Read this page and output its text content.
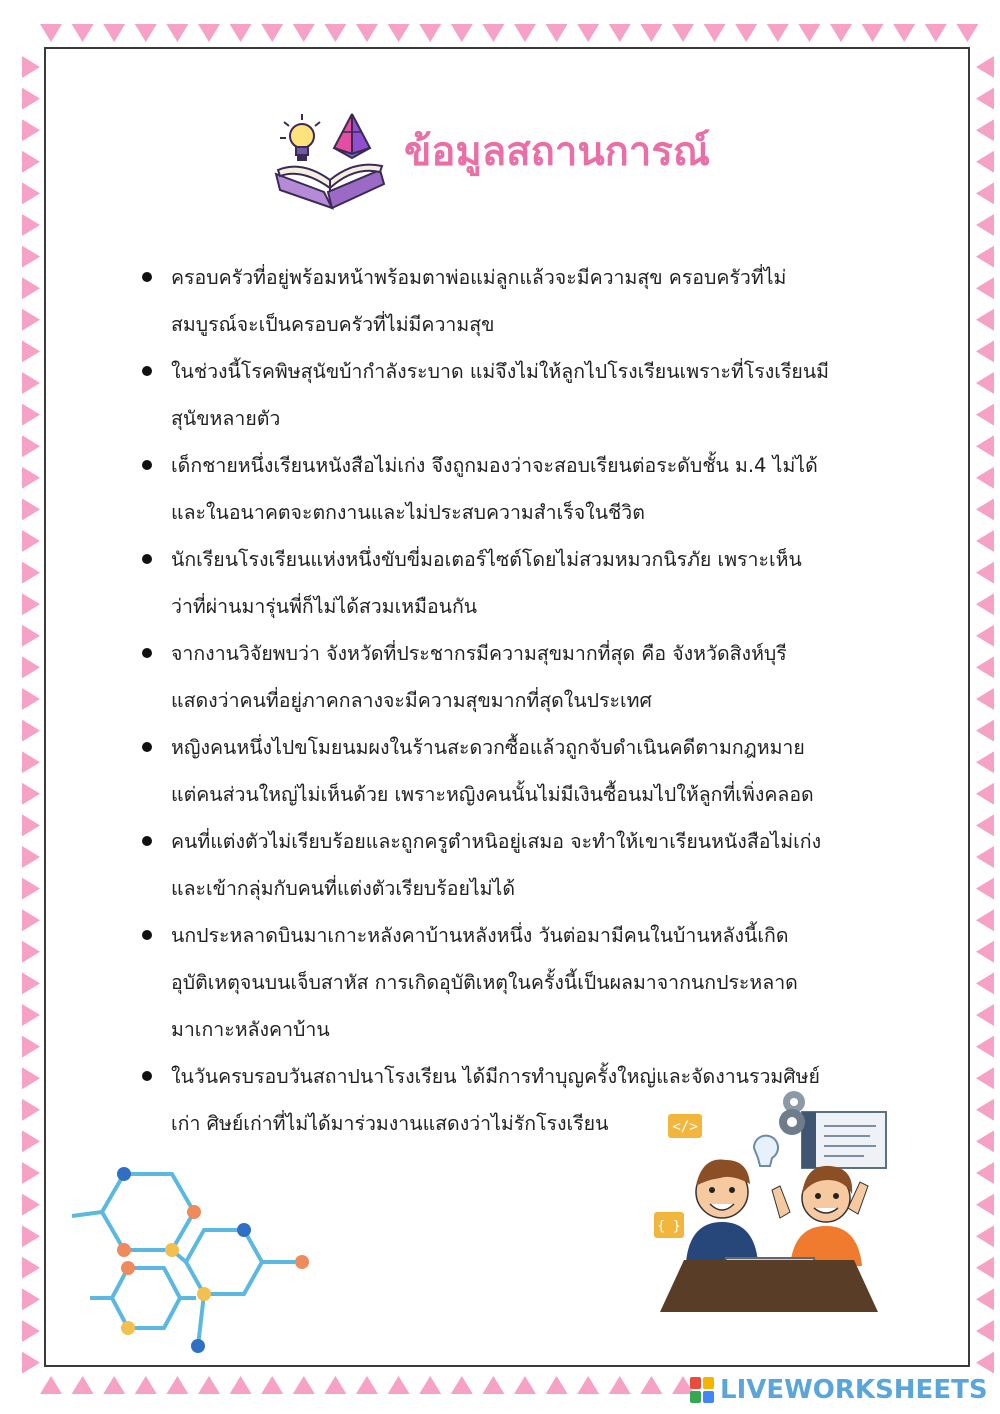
ข้อมูลสถานการณ์
ครอบครัวที่อยู่พร้อมหน้าพร้อมตาพ่อแม่ลูกแล้วจะมีความสุข ครอบครัวที่ไม่
สมบูรณ์จะเป็นครอบครัวที่ไม่มีความสุข
ในช่วงนี้โรคพิษสุนัขบ้ากำลังระบาด แม่จึงไม่ให้ลูกไปโรงเรียนเพราะที่โรงเรียนมี
สุนัขหลายตัว
เด็กชายหนึ่งเรียนหนังสือไม่เก่ง จึงถูกมองว่าจะสอบเรียนต่อระดับชั้น ม.4 ไม่ได้
และในอนาคตจะตกงานและไม่ประสบความสำเร็จในชีวิต
นักเรียนโรงเรียนแห่งหนึ่งขับขี่มอเตอร์ไซต์โดยไม่สวมหมวกนิรภัย เพราะเห็น
ว่าที่ผ่านมารุ่นพี่ก็ไม่ได้สวมเหมือนกัน
จากงานวิจัยพบว่า จังหวัดที่ประชากรมีความสุขมากที่สุด คือ จังหวัดสิงห์บุรี
แสดงว่าคนที่อยู่ภาคกลางจะมีความสุขมากที่สุดในประเทศ
หญิงคนหนึ่งไปขโมยนมผงในร้านสะดวกซื้อแล้วถูกจับดำเนินคดีตามกฎหมาย
แต่คนส่วนใหญ่ไม่เห็นด้วย เพราะหญิงคนนั้นไม่มีเงินซื้อนมไปให้ลูกที่เพิ่งคลอด
คนที่แต่งตัวไม่เรียบร้อยและถูกครูตำหนิอยู่เสมอ จะทำให้เขาเรียนหนังสือไม่เก่ง
และเข้ากลุ่มกับคนที่แต่งตัวเรียบร้อยไม่ได้
นกประหลาดบินมาเกาะหลังคาบ้านหลังหนึ่ง วันต่อมามีคนในบ้านหลังนี้เกิด
อุบัติเหตุจนบนเจ็บสาหัส การเกิดอุบัติเหตุในครั้งนี้เป็นผลมาจากนกประหลาด
มาเกาะหลังคาบ้าน
ในวันครบรอบวันสถาปนาโรงเรียน ได้มีการทำบุญครั้งใหญ่และจัดงานรวมศิษย์
เก่า ศิษย์เก่าที่ไม่ได้มาร่วมงานแสดงว่าไม่รักโรงเรียน	</>
{ }
LIVEWORKSHEETS
